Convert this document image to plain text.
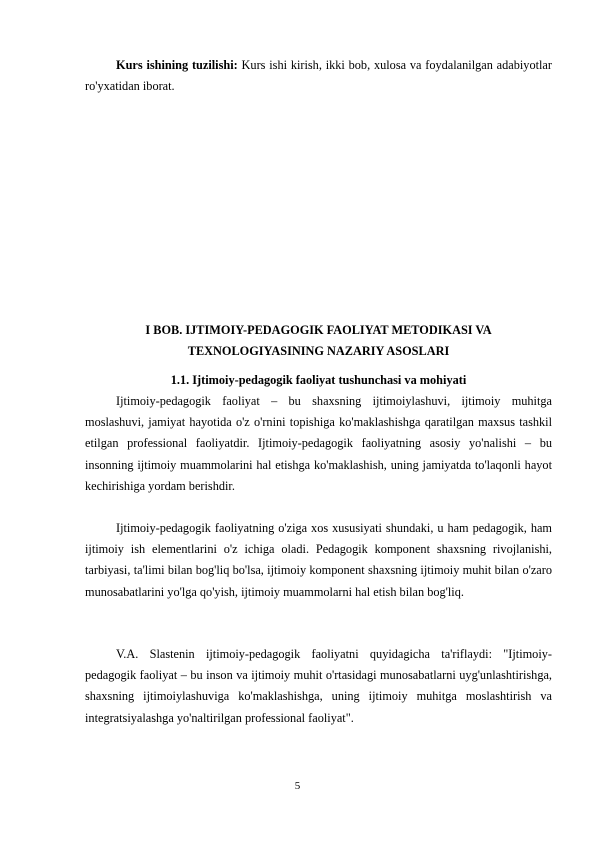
Kurs ishining tuzilishi: Kurs ishi kirish, ikki bob, xulosa va foydalanilgan adabiyotlar ro'yxatidan iborat.

I BOB. IJTIMOIY-PEDAGOGIK FAOLIYAT METODIKASI VA
TEXNOLOGIYASINING NAZARIY ASOSLARI

1.1. Ijtimoiy-pedagogik faoliyat tushunchasi va mohiyati

Ijtimoiy-pedagogik faoliyat – bu shaxsning ijtimoiylashuvi, ijtimoiy muhitga moslashuvi, jamiyat hayotida o'z o'rnini topishiga ko'maklashishga qaratilgan maxsus tashkil etilgan professional faoliyatdir. Ijtimoiy-pedagogik faoliyatning asosiy yo'nalishi – bu insonning ijtimoiy muammolarini hal etishga ko'maklashish, uning jamiyatda to'laqonli hayot kechirishiga yordam berishdir.

Ijtimoiy-pedagogik faoliyatning o'ziga xos xususiyati shundaki, u ham pedagogik, ham ijtimoiy ish elementlarini o'z ichiga oladi. Pedagogik komponent shaxsning rivojlanishi, tarbiyasi, ta'limi bilan bog'liq bo'lsa, ijtimoiy komponent shaxsning ijtimoiy muhit bilan o'zaro munosabatlarini yo'lga qo'yish, ijtimoiy muammolarni hal etish bilan bog'liq.

V.A. Slastenin ijtimoiy-pedagogik faoliyatni quyidagicha ta'riflaydi: "Ijtimoiy-pedagogik faoliyat – bu inson va ijtimoiy muhit o'rtasidagi munosabatlarni uyg'unlashtirishga, shaxsning ijtimoiylashuviga ko'maklashishga, uning ijtimoiy muhitga moslashtirish va integratsiyalashga yo'naltirilgan professional faoliyat".

5
